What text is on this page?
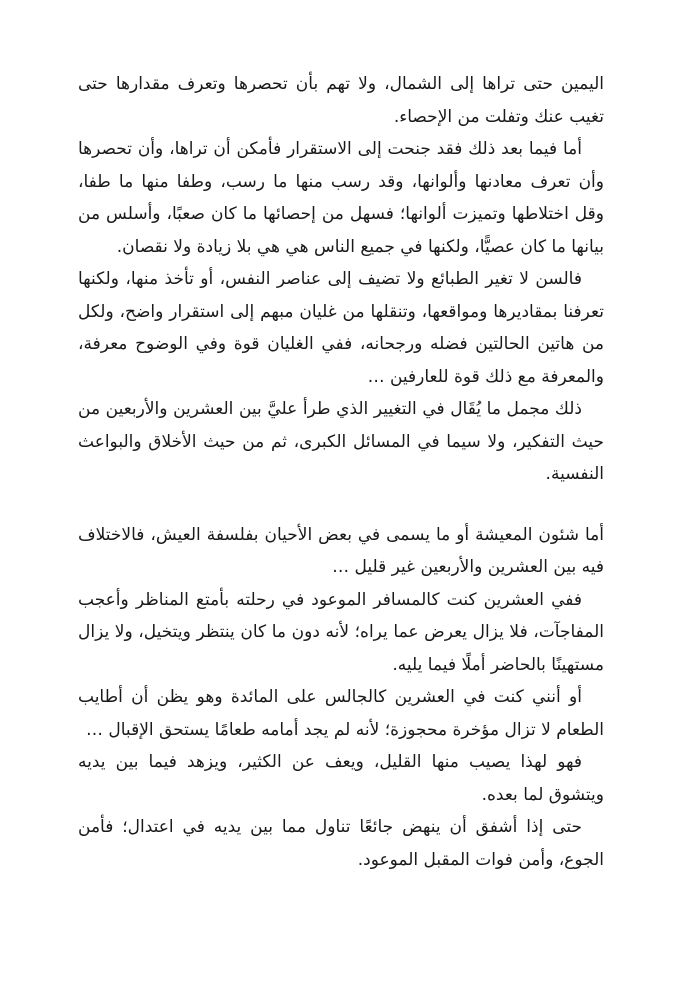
اليمين حتى تراها إلى الشمال، ولا تهم بأن تحصرها وتعرف مقدارها حتى تغيب عنك وتفلت من الإحصاء.

أما فيما بعد ذلك فقد جنحت إلى الاستقرار فأمكن أن تراها، وأن تحصرها وأن تعرف معادنها وألوانها، وقد رسب منها ما رسب، وطفا منها ما طفا، وقل اختلاطها وتميزت ألوانها؛ فسهل من إحصائها ما كان صعبًا، وأسلس من بيانها ما كان عصيًّا، ولكنها في جميع الناس هي هي بلا زيادة ولا نقصان.

فالسن لا تغير الطبائع ولا تضيف إلى عناصر النفس، أو تأخذ منها، ولكنها تعرفنا بمقاديرها ومواقعها، وتنقلها من غليان مبهم إلى استقرار واضح، ولكل من هاتين الحالتين فضله ورجحانه، ففي الغليان قوة وفي الوضوح معرفة، والمعرفة مع ذلك قوة للعارفين …

ذلك مجمل ما يُقَال في التغيير الذي طرأ عليَّ بين العشرين والأربعين من حيث التفكير، ولا سيما في المسائل الكبرى، ثم من حيث الأخلاق والبواعث النفسية.

أما شئون المعيشة أو ما يسمى في بعض الأحيان بفلسفة العيش، فالاختلاف فيه بين العشرين والأربعين غير قليل …

ففي العشرين كنت كالمسافر الموعود في رحلته بأمتع المناظر وأعجب المفاجآت، فلا يزال يعرض عما يراه؛ لأنه دون ما كان ينتظر ويتخيل، ولا يزال مستهينًا بالحاضر أملًا فيما يليه.

أو أنني كنت في العشرين كالجالس على المائدة وهو يظن أن أطايب الطعام لا تزال مؤخرة محجوزة؛ لأنه لم يجد أمامه طعامًا يستحق الإقبال …

فهو لهذا يصيب منها القليل، ويعف عن الكثير، ويزهد فيما بين يديه ويتشوق لما بعده.

حتى إذا أشفق أن ينهض جائعًا تناول مما بين يديه في اعتدال؛ فأمن الجوع، وأمن فوات المقبل الموعود.
